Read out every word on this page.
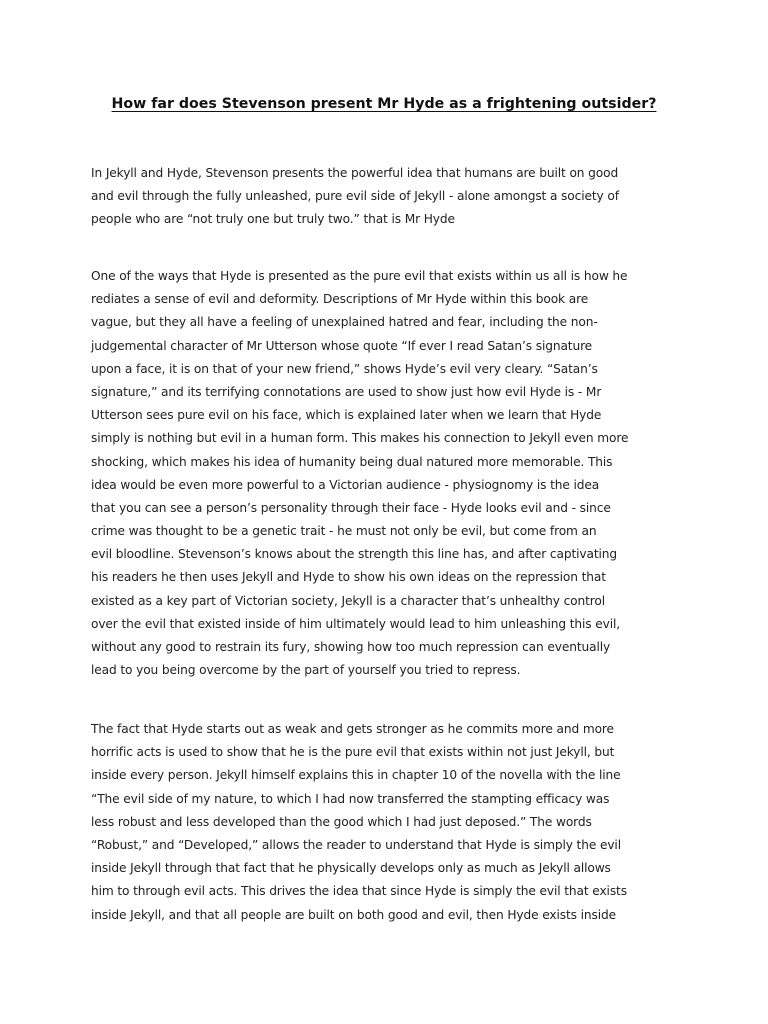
How far does Stevenson present Mr Hyde as a frightening outsider?
In Jekyll and Hyde, Stevenson presents the powerful idea that humans are built on good
and evil through the fully unleashed, pure evil side of Jekyll - alone amongst a society of
people who are “not truly one but truly two.” that is Mr Hyde
One of the ways that Hyde is presented as the pure evil that exists within us all is how he
rediates a sense of evil and deformity. Descriptions of Mr Hyde within this book are
vague, but they all have a feeling of unexplained hatred and fear, including the non-
judgemental character of Mr Utterson whose quote “If ever I read Satan’s signature
upon a face, it is on that of your new friend,” shows Hyde’s evil very cleary. “Satan’s
signature,” and its terrifying connotations are used to show just how evil Hyde is - Mr
Utterson sees pure evil on his face, which is explained later when we learn that Hyde
simply is nothing but evil in a human form. This makes his connection to Jekyll even more
shocking, which makes his idea of humanity being dual natured more memorable. This
idea would be even more powerful to a Victorian audience - physiognomy is the idea
that you can see a person’s personality through their face - Hyde looks evil and - since
crime was thought to be a genetic trait - he must not only be evil, but come from an
evil bloodline. Stevenson’s knows about the strength this line has, and after captivating
his readers he then uses Jekyll and Hyde to show his own ideas on the repression that
existed as a key part of Victorian society, Jekyll is a character that’s unhealthy control
over the evil that existed inside of him ultimately would lead to him unleashing this evil,
without any good to restrain its fury, showing how too much repression can eventually
lead to you being overcome by the part of yourself you tried to repress.
The fact that Hyde starts out as weak and gets stronger as he commits more and more
horrific acts is used to show that he is the pure evil that exists within not just Jekyll, but
inside every person. Jekyll himself explains this in chapter 10 of the novella with the line
“The evil side of my nature, to which I had now transferred the stampting efficacy was
less robust and less developed than the good which I had just deposed.” The words
“Robust,” and “Developed,” allows the reader to understand that Hyde is simply the evil
inside Jekyll through that fact that he physically develops only as much as Jekyll allows
him to through evil acts. This drives the idea that since Hyde is simply the evil that exists
inside Jekyll, and that all people are built on both good and evil, then Hyde exists inside
